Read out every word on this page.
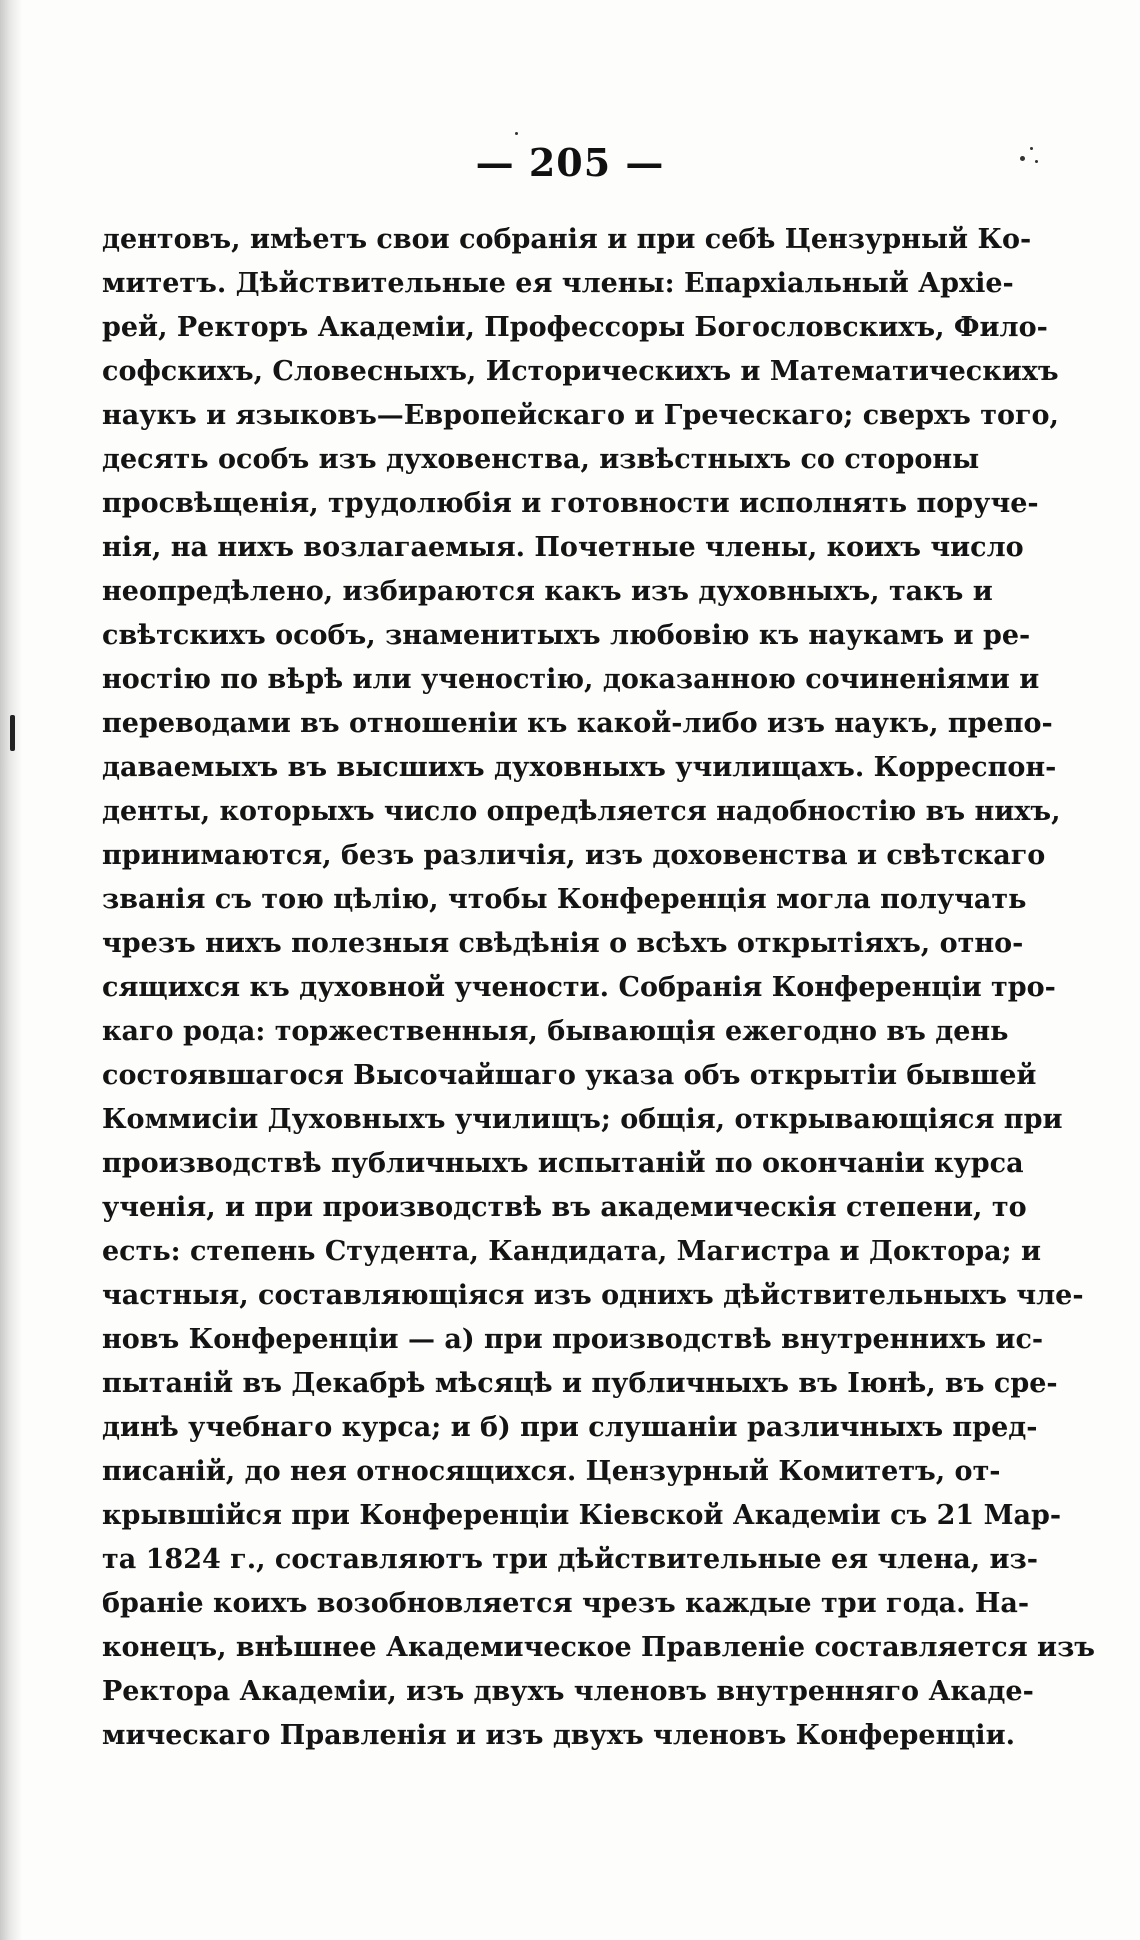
— 205 —
дентовъ, имѣетъ свои собранія и при себѣ Цензурный Ко-
митетъ. Дѣйствительные ея члены: Епархіальный Архіе-
рей, Ректоръ Академіи, Профессоры Богословскихъ, Фило-
софскихъ, Словесныхъ, Историческихъ и Математическихъ
наукъ и языковъ—Европейскаго и Греческаго; сверхъ того,
десять особъ изъ духовенства, извѣстныхъ со стороны
просвѣщенія, трудолюбія и готовности исполнять поруче-
нія, на нихъ возлагаемыя. Почетные члены, коихъ число
неопредѣлено, избираются какъ изъ духовныхъ, такъ и
свѣтскихъ особъ, знаменитыхъ любовію къ наукамъ и ре-
ностію по вѣрѣ или ученостію, доказанною сочиненіями и
переводами въ отношеніи къ какой-либо изъ наукъ, препо-
даваемыхъ въ высшихъ духовныхъ училищахъ. Корреспон-
денты, которыхъ число опредѣляется надобностію въ нихъ,
принимаются, безъ различія, изъ доховенства и свѣтскаго
званія съ тою цѣлію, чтобы Конференція могла получать
чрезъ нихъ полезныя свѣдѣнія о всѣхъ открытіяхъ, отно-
сящихся къ духовной учености. Собранія Конференціи тро-
каго рода: торжественныя, бывающія ежегодно въ день
состоявшагося Высочайшаго указа объ открытіи бывшей
Коммисіи Духовныхъ училищъ; общія, открывающіяся при
производствѣ публичныхъ испытаній по окончаніи курса
ученія, и при производствѣ въ академическія степени, то
есть: степень Студента, Кандидата, Магистра и Доктора; и
частныя, составляющіяся изъ однихъ дѣйствительныхъ чле-
новъ Конференціи — а) при производствѣ внутреннихъ ис-
пытаній въ Декабрѣ мѣсяцѣ и публичныхъ въ Іюнѣ, въ сре-
динѣ учебнаго курса; и б) при слушаніи различныхъ пред-
писаній, до нея относящихся. Цензурный Комитетъ, от-
крывшійся при Конференціи Кіевской Академіи съ 21 Мар-
та 1824 г., составляютъ три дѣйствительные ея члена, из-
браніе коихъ возобновляется чрезъ каждые три года. На-
конецъ, внѣшнее Академическое Правленіе составляется изъ
Ректора Академіи, изъ двухъ членовъ внутренняго Акаде-
мическаго Правленія и изъ двухъ членовъ Конференціи.
